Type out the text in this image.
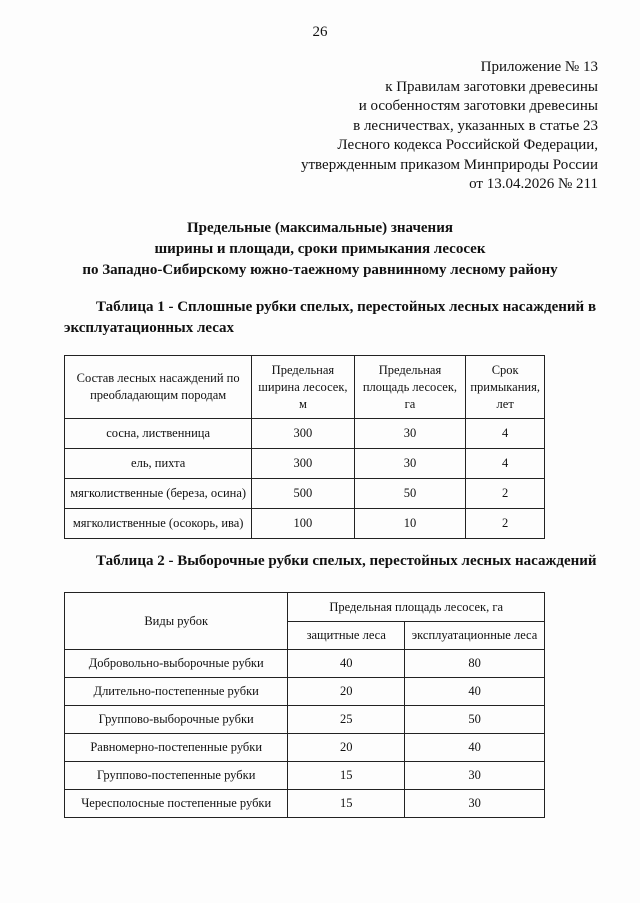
26
Приложение № 13
к Правилам заготовки древесины
и особенностям заготовки древесины
в лесничествах, указанных в статье 23
Лесного кодекса Российской Федерации,
утвержденным приказом Минприроды России
от 13.04.2026 № 211
Предельные (максимальные) значения
ширины и площади, сроки примыкания лесосек
по Западно-Сибирскому южно-таежному равнинному лесному району
Таблица 1 - Сплошные рубки спелых, перестойных лесных насаждений в
эксплуатационных лесах
Состав лесных насаждений по преобладающим породам	Предельная ширина лесосек, м	Предельная площадь лесосек, га	Срок примыкания, лет
сосна, лиственница	300	30	4
ель, пихта	300	30	4
мягколиственные (береза, осина)	500	50	2
мягколиственные (осокорь, ива)	100	10	2
Таблица 2 - Выборочные рубки спелых, перестойных лесных насаждений
Виды рубок	Предельная площадь лесосек, га	
	защитные леса	эксплуатационные леса
Добровольно-выборочные рубки	40	80
Длительно-постепенные рубки	20	40
Группово-выборочные рубки	25	50
Равномерно-постепенные рубки	20	40
Группово-постепенные рубки	15	30
Чересполосные постепенные рубки	15	30
